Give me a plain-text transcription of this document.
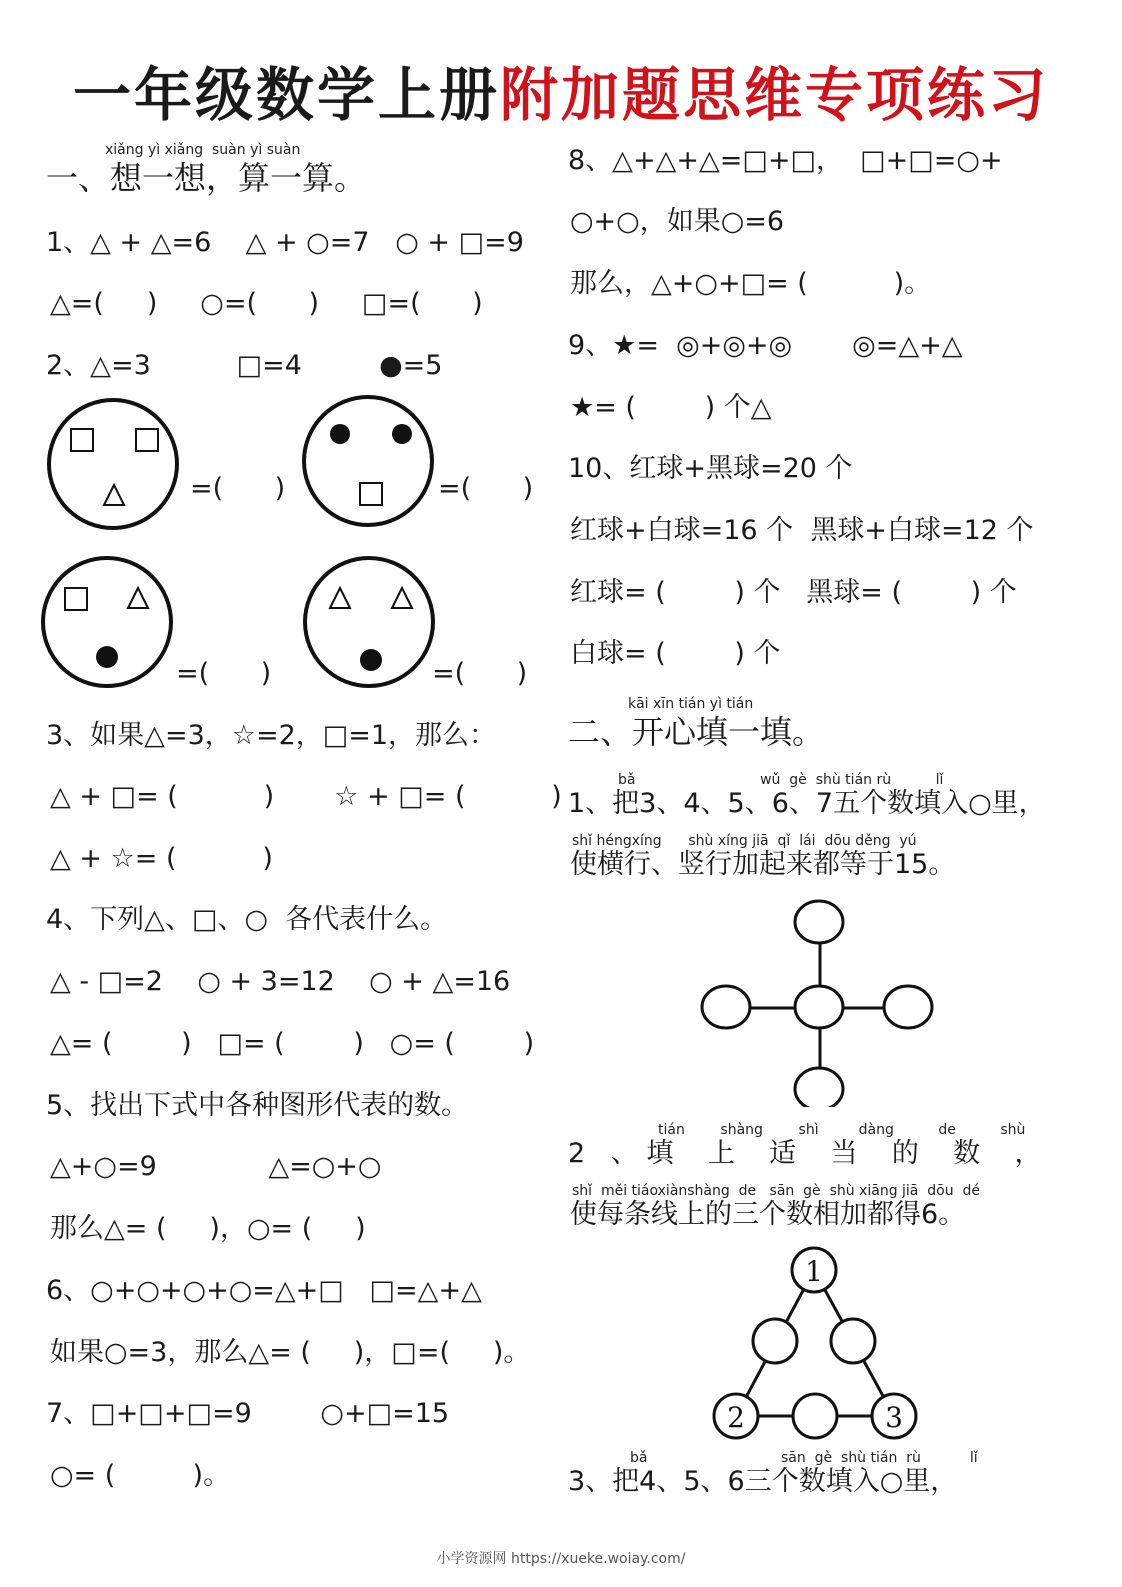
一年级数学上册附加题思维专项练习
xiǎng yì xiǎng  suàn yì suàn
一、想一想，算一算。
1、△ + △=6    △ + ○=7   ○ + □=9
△=(     )     ○=(      )     □=(      )
2、△=3          □=4         ●=5
=(      )	=(      )
=(      )	=(      )
3、如果△=3，☆=2，□=1，那么：
△ + □= (          )       ☆ + □= (          )
△ + ☆= (          )
4、下列△、□、○  各代表什么。
△ - □=2    ○ + 3=12    ○ + △=16
△= (        )   □= (        )   ○= (        )
5、找出下式中各种图形代表的数。
△+○=9             △=○+○
那么△= (     )，○= (     )
6、○+○+○+○=△+□   □=△+△
如果○=3，那么△= (     )，□=(     )。
7、□+□+□=9        ○+□=15
○= (         )。
8、△+△+△=□+□，  □+□=○+
○+○，如果○=6
那么，△+○+□= (          )。
9、★=  ◎+◎+◎       ◎=△+△
★= (        ) 个△
10、红球+黑球=20 个
红球+白球=16 个  黑球+白球=12 个
红球= (        ) 个   黑球= (        ) 个
白球= (        ) 个
kāi xīn tián yì tián
二、开心填一填。
bǎ                            wǔ  gè  shù tián rù          lǐ
1、把3、4、5、6、7五个数填入○里，
shǐ héngxíng      shù xíng jiā  qǐ  lái  dōu děng  yú
使横行、竖行加起来都等于15。
tián        shàng        shì         dàng          de          shù
2   、 填    上    适    当    的    数    ，
shǐ  měi tiáoxiànshàng  de   sān  gè  shù xiāng jiā  dōu  dé
使每条线上的三个数相加都得6。
1
2	3
bǎ                              sān  gè  shù tián  rù           lǐ
3、把4、5、6三个数填入○里，
小学资源网 https://xueke.woiay.com/
